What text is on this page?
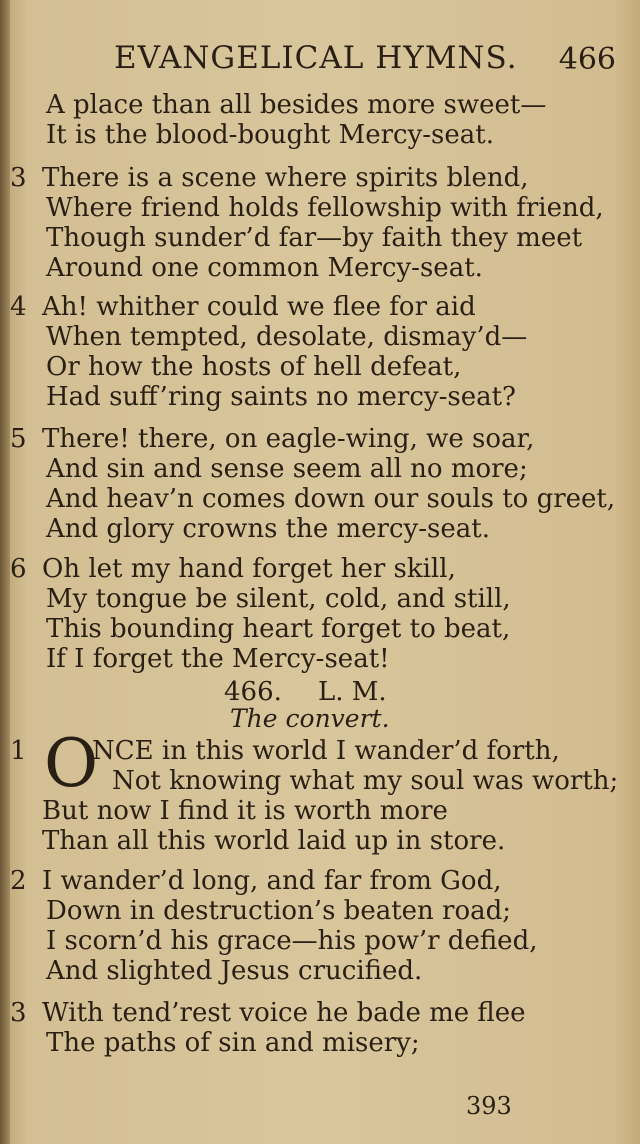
EVANGELICAL HYMNS. 466
A place than all besides more sweet—
It is the blood-bought Mercy-seat.
3 There is a scene where spirits blend,
Where friend holds fellowship with friend,
Though sunder’d far—by faith they meet
Around one common Mercy-seat.
4 Ah! whither could we flee for aid
When tempted, desolate, dismay’d—
Or how the hosts of hell defeat,
Had suff’ring saints no mercy-seat?
5 There! there, on eagle-wing, we soar,
And sin and sense seem all no more;
And heav’n comes down our souls to greet,
And glory crowns the mercy-seat.
6 Oh let my hand forget her skill,
My tongue be silent, cold, and still,
This bounding heart forget to beat,
If I forget the Mercy-seat!
466. L. M.
The convert.
O
1	NCE in this world I wander’d forth,
Not knowing what my soul was worth;
But now I find it is worth more
Than all this world laid up in store.
2 I wander’d long, and far from God,
Down in destruction’s beaten road;
I scorn’d his grace—his pow’r defied,
And slighted Jesus crucified.
3 With tend’rest voice he bade me flee
The paths of sin and misery;
393
